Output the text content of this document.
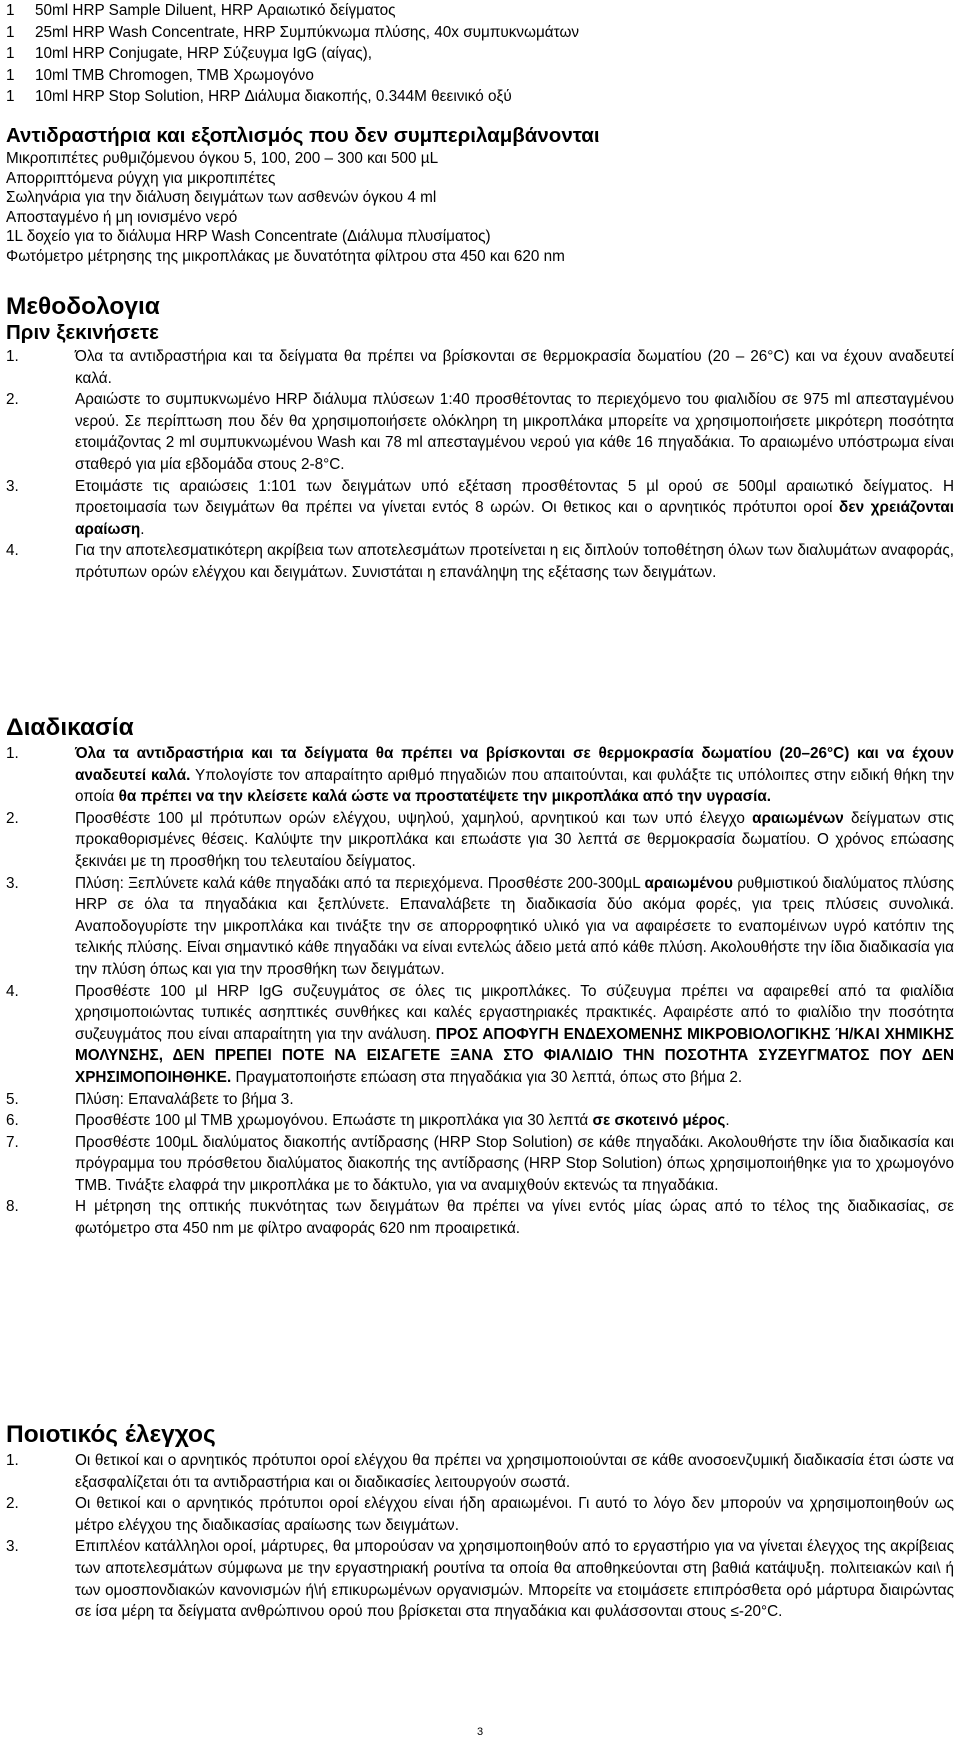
1 50ml HRP Sample Diluent, HRP Αραιωτικό δείγματος
1 25ml HRP Wash Concentrate, HRP Συμπύκνωμα πλύσης, 40x συμπυκνωμάτων
1 10ml HRP Conjugate, HRP Σύζευγμα IgG (αίγας),
1 10ml TMB Chromogen, TMB Χρωμογόνο
1 10ml HRP Stop Solution, HRP Διάλυμα διακοπής, 0.344M θεεινικό οξύ
Αντιδραστήρια και εξοπλισμός που δεν συμπεριλαμβάνονται
Μικροπιπέτες ρυθμιζόμενου όγκου 5, 100, 200 – 300 και 500 µL
Απορριπτόμενα ρύγχη για μικροπιπέτες
Σωληνάρια για την διάλυση δειγμάτων των ασθενών όγκου 4 ml
Αποσταγμένο ή μη ιονισμένο νερό
1L δοχείο για το διάλυμα HRP Wash Concentrate (Διάλυμα πλυσίματος)
Φωτόμετρο μέτρησης της μικροπλάκας με δυνατότητα φίλτρου στα 450 και 620 nm
Μεθοδολογια
Πριν ξεκινήσετε
1.	Όλα τα αντιδραστήρια και τα δείγματα θα πρέπει να βρίσκονται σε θερμοκρασία δωματίου (20 – 26°C) και να έχουν αναδευτεί καλά.
2.	Αραιώστε το συμπυκνωμένο HRP διάλυμα πλύσεων 1:40 προσθέτοντας το περιεχόμενο του φιαλιδίου σε 975 ml απεσταγμένου νερού. Σε περίπτωση που δέν θα χρησιμοποιήσετε ολόκληρη τη μικροπλάκα μπορείτε να χρησιμοποιήσετε μικρότερη ποσότητα ετοιμάζοντας 2 ml συμπυκνωμένου Wash και 78 ml απεσταγμένου νερού για κάθε 16 πηγαδάκια. Το αραιωμένο υπόστρωμα είναι σταθερό για μία εβδομάδα στους 2-8°C.
3.	Ετοιμάστε τις αραιώσεις 1:101 των δειγμάτων υπό εξέταση προσθέτοντας 5 µl ορού σε 500µl αραιωτικό δείγματος. Η προετοιμασία των δειγμάτων θα πρέπει να γίνεται εντός 8 ωρών. Οι θετικος και ο αρνητικός πρότυποι οροί δεν χρειάζονται αραίωση.
4.	Για την αποτελεσματικότερη ακρίβεια των αποτελεσμάτων προτείνεται η εις διπλούν τοποθέτηση όλων των διαλυμάτων αναφοράς, πρότυπων ορών ελέγχου και δειγμάτων. Συνιστάται η επανάληψη της εξέτασης των δειγμάτων.
Διαδικασία
1.	Όλα τα αντιδραστήρια και τα δείγματα θα πρέπει να βρίσκονται σε θερμοκρασία δωματίου (20–26°C) και να έχουν αναδευτεί καλά. Υπολογίστε τον απαραίτητο αριθμό πηγαδιών που απαιτούνται, και φυλάξτε τις υπόλοιπες στην ειδική θήκη την οποία θα πρέπει να την κλείσετε καλά ώστε να προστατέψετε την μικροπλάκα από την υγρασία.
2.	Προσθέστε 100 µl πρότυπων ορών ελέγχου, υψηλού, χαμηλού, αρνητικού και των υπό έλεγχο αραιωμένων δείγματων στις προκαθορισμένες θέσεις. Καλύψτε την μικροπλάκα και επωάστε για 30 λεπτά σε θερμοκρασία δωματίου. Ο χρόνος επώασης ξεκινάει με τη προσθήκη του τελευταίου δείγματος.
3.	Πλύση: Ξεπλύνετε καλά κάθε πηγαδάκι από τα περιεχόμενα. Προσθέστε 200-300µL αραιωμένου ρυθμιστικού διαλύματος πλύσης HRP σε όλα τα πηγαδάκια και ξεπλύνετε. Επαναλάβετε τη διαδικασία δύο ακόμα φορές, για τρεις πλύσεις συνολικά. Αναποδογυρίστε την μικροπλάκα και τινάξτε την σε απορροφητικό υλικό για να αφαιρέσετε το εναπομέινων υγρό κατόπιν της τελικής πλύσης. Είναι σημαντικό κάθε πηγαδάκι να είναι εντελώς άδειο μετά από κάθε πλύση. Ακολουθήστε την ίδια διαδικασία για την πλύση όπως και για την προσθήκη των δειγμάτων.
4.	Προσθέστε 100 µl HRP IgG συζευγμάτος σε όλες τις μικροπλάκες. Το σύζευγμα πρέπει να αφαιρεθεί από τα φιαλίδια χρησιμοποιώντας τυπικές ασηπτικές συνθήκες και καλές εργαστηριακές πρακτικές. Αφαιρέστε από το φιαλίδιο την ποσότητα συζευγμάτος που είναι απαραίτητη για την ανάλυση. ΠΡΟΣ ΑΠΟΦΥΓΗ ΕΝΔΕΧΟΜΕΝΗΣ ΜΙΚΡΟΒΙΟΛΟΓΙΚΗΣ Ή/ΚΑΙ ΧΗΜΙΚΗΣ ΜΟΛΥΝΣΗΣ, ΔΕΝ ΠΡΕΠΕΙ ΠΟΤΕ ΝΑ ΕΙΣΑΓΕΤΕ ΞΑΝΑ ΣΤΟ ΦΙΑΛΙΔΙΟ ΤΗΝ ΠΟΣΟΤΗΤΑ ΣΥΖΕΥΓΜΑΤΟΣ ΠΟΥ ΔΕΝ ΧΡΗΣΙΜΟΠΟΙΗΘΗΚΕ. Πραγματοποιήστε επώαση στα πηγαδάκια για 30 λεπτά, όπως στο βήμα 2.
5.	Πλύση: Επαναλάβετε το βήμα 3.
6.	Προσθέστε 100 µl TMB χρωμογόνου. Επωάστε τη μικροπλάκα για 30 λεπτά σε σκοτεινό μέρος.
7.	Προσθέστε 100µL διαλύματος διακοπής αντίδρασης (HRP Stop Solution) σε κάθε πηγαδάκι. Ακολουθήστε την ίδια διαδικασία και πρόγραμμα του πρόσθετου διαλύματος διακοπής της αντίδρασης (HRP Stop Solution) όπως χρησιμοποιήθηκε για το χρωμογόνο TMB. Τινάξτε ελαφρά την μικροπλάκα με το δάκτυλο, για να αναμιχθούν εκτενώς τα πηγαδάκια.
8.	Η μέτρηση της οπτικής πυκνότητας των δειγμάτων θα πρέπει να γίνει εντός μίας ώρας από το τέλος της διαδικασίας, σε φωτόμετρο στα 450 nm με φίλτρο αναφοράς 620 nm προαιρετικά.
Ποιοτικός έλεγχος
1.	Οι θετικοί και ο αρνητικός πρότυποι οροί ελέγχου θα πρέπει να χρησιμοποιούνται σε κάθε ανοσοενζυμική διαδικασία έτσι ώστε να εξασφαλίζεται ότι τα αντιδραστήρια και οι διαδικασίες λειτουργούν σωστά.
2.	Οι θετικοί και ο αρνητικός πρότυποι οροί ελέγχου είναι ήδη αραιωμένοι. Γι αυτό το λόγο δεν μπορούν να χρησιμοποιηθούν ως μέτρο ελέγχου της διαδικασίας αραίωσης των δειγμάτων.
3.	Επιπλέον κατάλληλοι οροί, μάρτυρες, θα μπορούσαν να χρησιμοποιηθούν από το εργαστήριο για να γίνεται έλεγχος της ακρίβειας των αποτελεσμάτων σύμφωνα με την εργαστηριακή ρουτίνα τα οποία θα αποθηκεύονται στη βαθιά κατάψυξη. πολιτειακών και\ ή των ομοσπονδιακών κανονισμών ή\ή επικυρωμένων οργανισμών. Μπορείτε να ετοιμάσετε επιπρόσθετα ορό μάρτυρα διαιρώντας σε ίσα μέρη τα δείγματα ανθρώπινου ορού που βρίσκεται στα πηγαδάκια και φυλάσσονται στους ≤-20°C.
3
